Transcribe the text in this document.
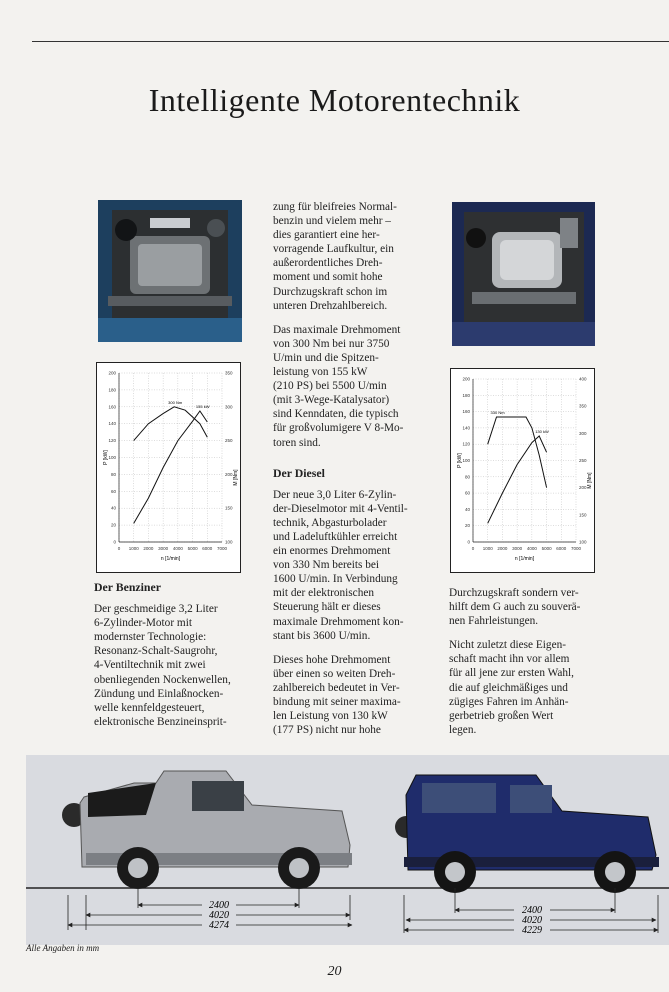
Intelligente Motorentechnik
0 1000 2000 3000 4000 5000 6000 7000
0
20
40
60
80
100
120
140
160
180
200
100
150
200
250
300
350
n [1/min]
P [kW]
M [Nm]
155 kW
300 Nm
0 1000 2000 3000 4000 5000 6000 7000
0
20
40
60
80
100
120
140
160
180
200
100
150
200
250
300
350
400
n [1/min]
P [kW]
M [Nm]
130 kW
330 Nm
Der Benziner

Der geschmeidige 3,2 Liter
6-Zylinder-Motor mit
modernster Technologie:
Resonanz-Schalt-Saugrohr,
4-Ventiltechnik mit zwei
obenliegenden Nockenwellen,
Zündung und Einlaßnocken-
welle kennfeldgesteuert,
elektronische Benzineinsprit-

zung für bleifreies Normal-
benzin und vielem mehr –
dies garantiert eine her-
vorragende Laufkultur, ein
außerordentliches Dreh-
moment und somit hohe
Durchzugskraft schon im
unteren Drehzahlbereich.

Das maximale Drehmoment
von 300 Nm bei nur 3750
U/min und die Spitzen-
leistung von 155 kW
(210 PS) bei 5500 U/min
(mit 3-Wege-Katalysator)
sind Kenndaten, die typisch
für großvolumigere V 8-Mo-
toren sind.

Der Diesel

Der neue 3,0 Liter 6-Zylin-
der-Dieselmotor mit 4-Ventil-
technik, Abgasturbolader
und Ladeluftkühler erreicht
ein enormes Drehmoment
von 330 Nm bereits bei
1600 U/min. In Verbindung
mit der elektronischen
Steuerung hält er dieses
maximale Drehmoment kon-
stant bis 3600 U/min.

Dieses hohe Drehmoment
über einen so weiten Dreh-
zahlbereich bedeutet in Ver-
bindung mit seiner maxima-
len Leistung von 130 kW
(177 PS) nicht nur hohe

Durchzugskraft sondern ver-
hilft dem G auch zu souverä-
nen Fahrleistungen.

Nicht zuletzt diese Eigen-
schaft macht ihn vor allem
für all jene zur ersten Wahl,
die auf gleichmäßiges und
zügiges Fahren im Anhän-
gerbetrieb großen Wert
legen.

2400
4020
4274
2400
4020
4229
Alle Angaben in mm
20
